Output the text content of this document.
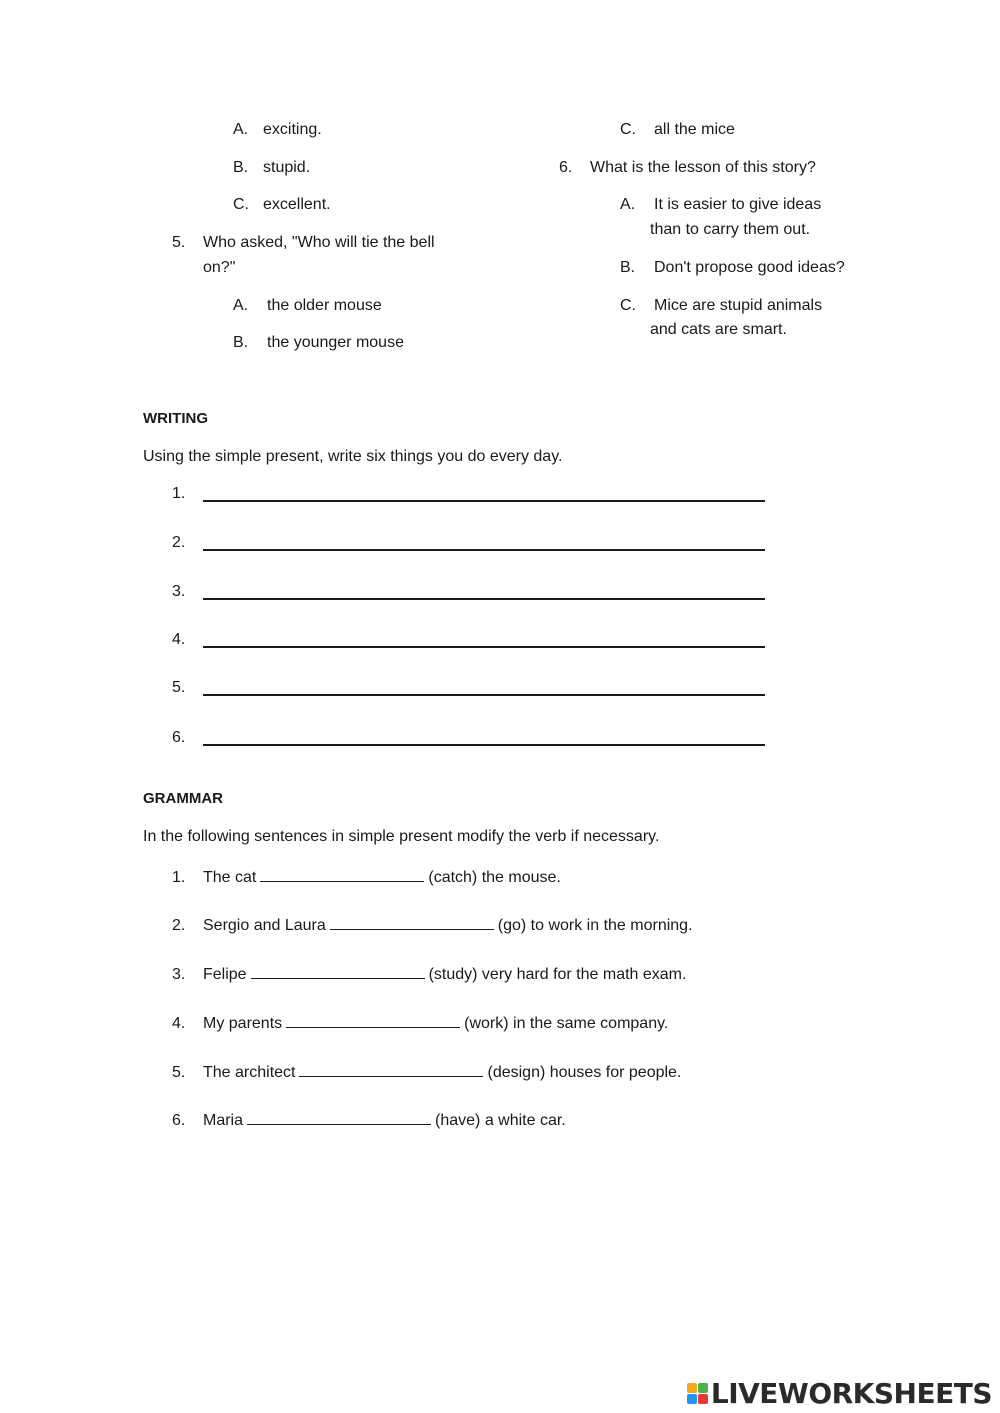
A. exciting.
B. stupid.
C. excellent.
5. Who asked, "Who will tie the bell
on?"
A. the older mouse
B. the younger mouse
C. all the mice
6. What is the lesson of this story?
A. It is easier to give ideas
than to carry them out.
B. Don't propose good ideas?
C. Mice are stupid animals
and cats are smart.
WRITING
Using the simple present, write six things you do every day.
1.
2.
3.
4.
5.
6.
GRAMMAR
In the following sentences in simple present modify the verb if necessary.
1. The cat	(catch) the mouse.
2. Sergio and Laura	(go) to work in the morning.
3. Felipe	(study) very hard for the math exam.
4. My parents	(work) in the same company.
5. The architect	(design) houses for people.
6. Maria	(have) a white car.
LIVEWORKSHEETS
